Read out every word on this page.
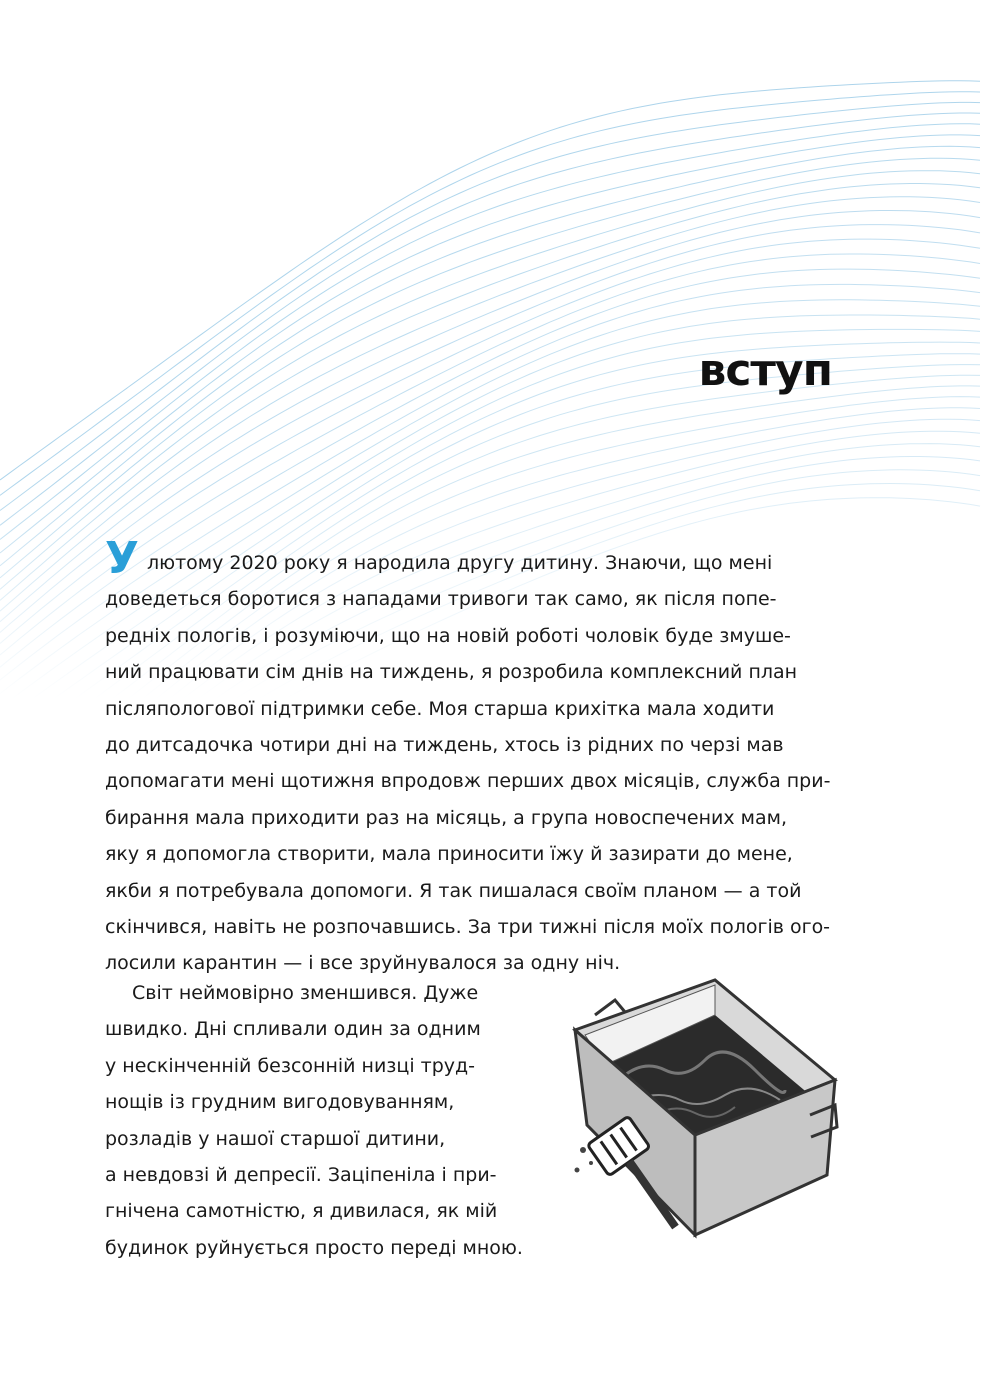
вступ
Улютому 2020 року я народила другу дитину. Знаючи, що мені
доведеться боротися з нападами тривоги так само, як після попе-
редніх пологів, і розуміючи, що на новій роботі чоловік буде змуше-
ний працювати сім днів на тиждень, я розробила комплексний план
післяпологової підтримки себе. Моя старша крихітка мала ходити
до дитсадочка чотири дні на тиждень, хтось із рідних по черзі мав
допомагати мені щотижня впродовж перших двох місяців, служба при-
бирання мала приходити раз на місяць, а група новоспечених мам,
яку я допомогла створити, мала приносити їжу й зазирати до мене,
якби я потребувала допомоги. Я так пишалася своїм планом — а той
скінчився, навіть не розпочавшись. За три тижні після моїх пологів ого-
лосили карантин — і все зруйнувалося за одну ніч.
Світ неймовірно зменшився. Дуже
швидко. Дні спливали один за одним
у нескінченній безсонній низці труд-
нощів із грудним вигодовуванням,
розладів у нашої старшої дитини,
а невдовзі й депресії. Заціпеніла і при-
гнічена самотністю, я дивилася, як мій
будинок руйнується просто переді мною.
